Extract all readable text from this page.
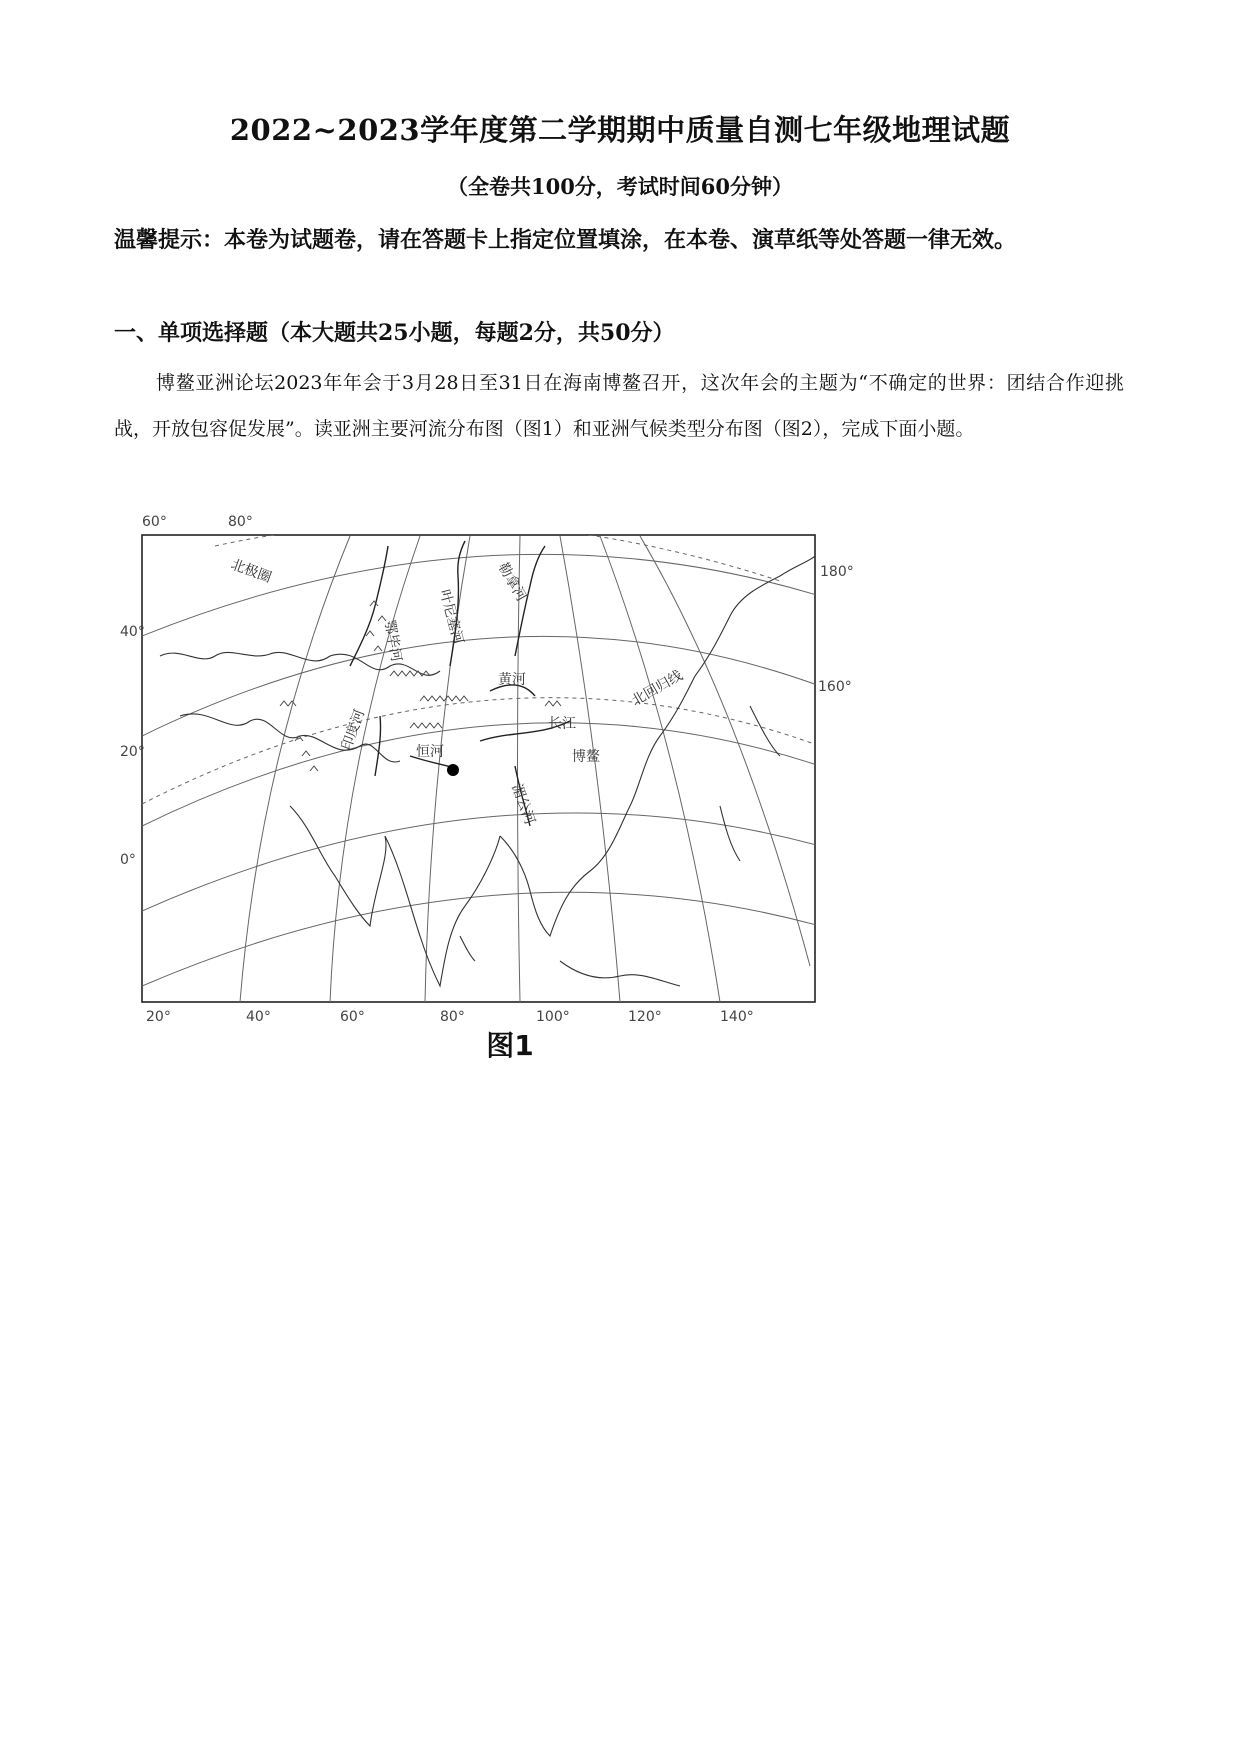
2022~2023学年度第二学期期中质量自测七年级地理试题
（全卷共100分，考试时间60分钟）
温馨提示：本卷为试题卷，请在答题卡上指定位置填涂，在本卷、演草纸等处答题一律无效。
一、单项选择题（本大题共25小题，每题2分，共50分）
博鳌亚洲论坛2023年年会于3月28日至31日在海南博鳌召开，这次年会的主题为“不确定的世界：团结合作迎挑战，开放包容促发展”。读亚洲主要河流分布图（图1）和亚洲气候类型分布图（图2），完成下面小题。
60°	80°
180°
160°
40°
20°
0°
20°	40°	60°	80°	100°	120°	140°
北极圈
鄂毕河 叶尼塞河
勒拿河
黄河
长江
印度河	恒河
湄公河
北回归线
博鳌
图1
